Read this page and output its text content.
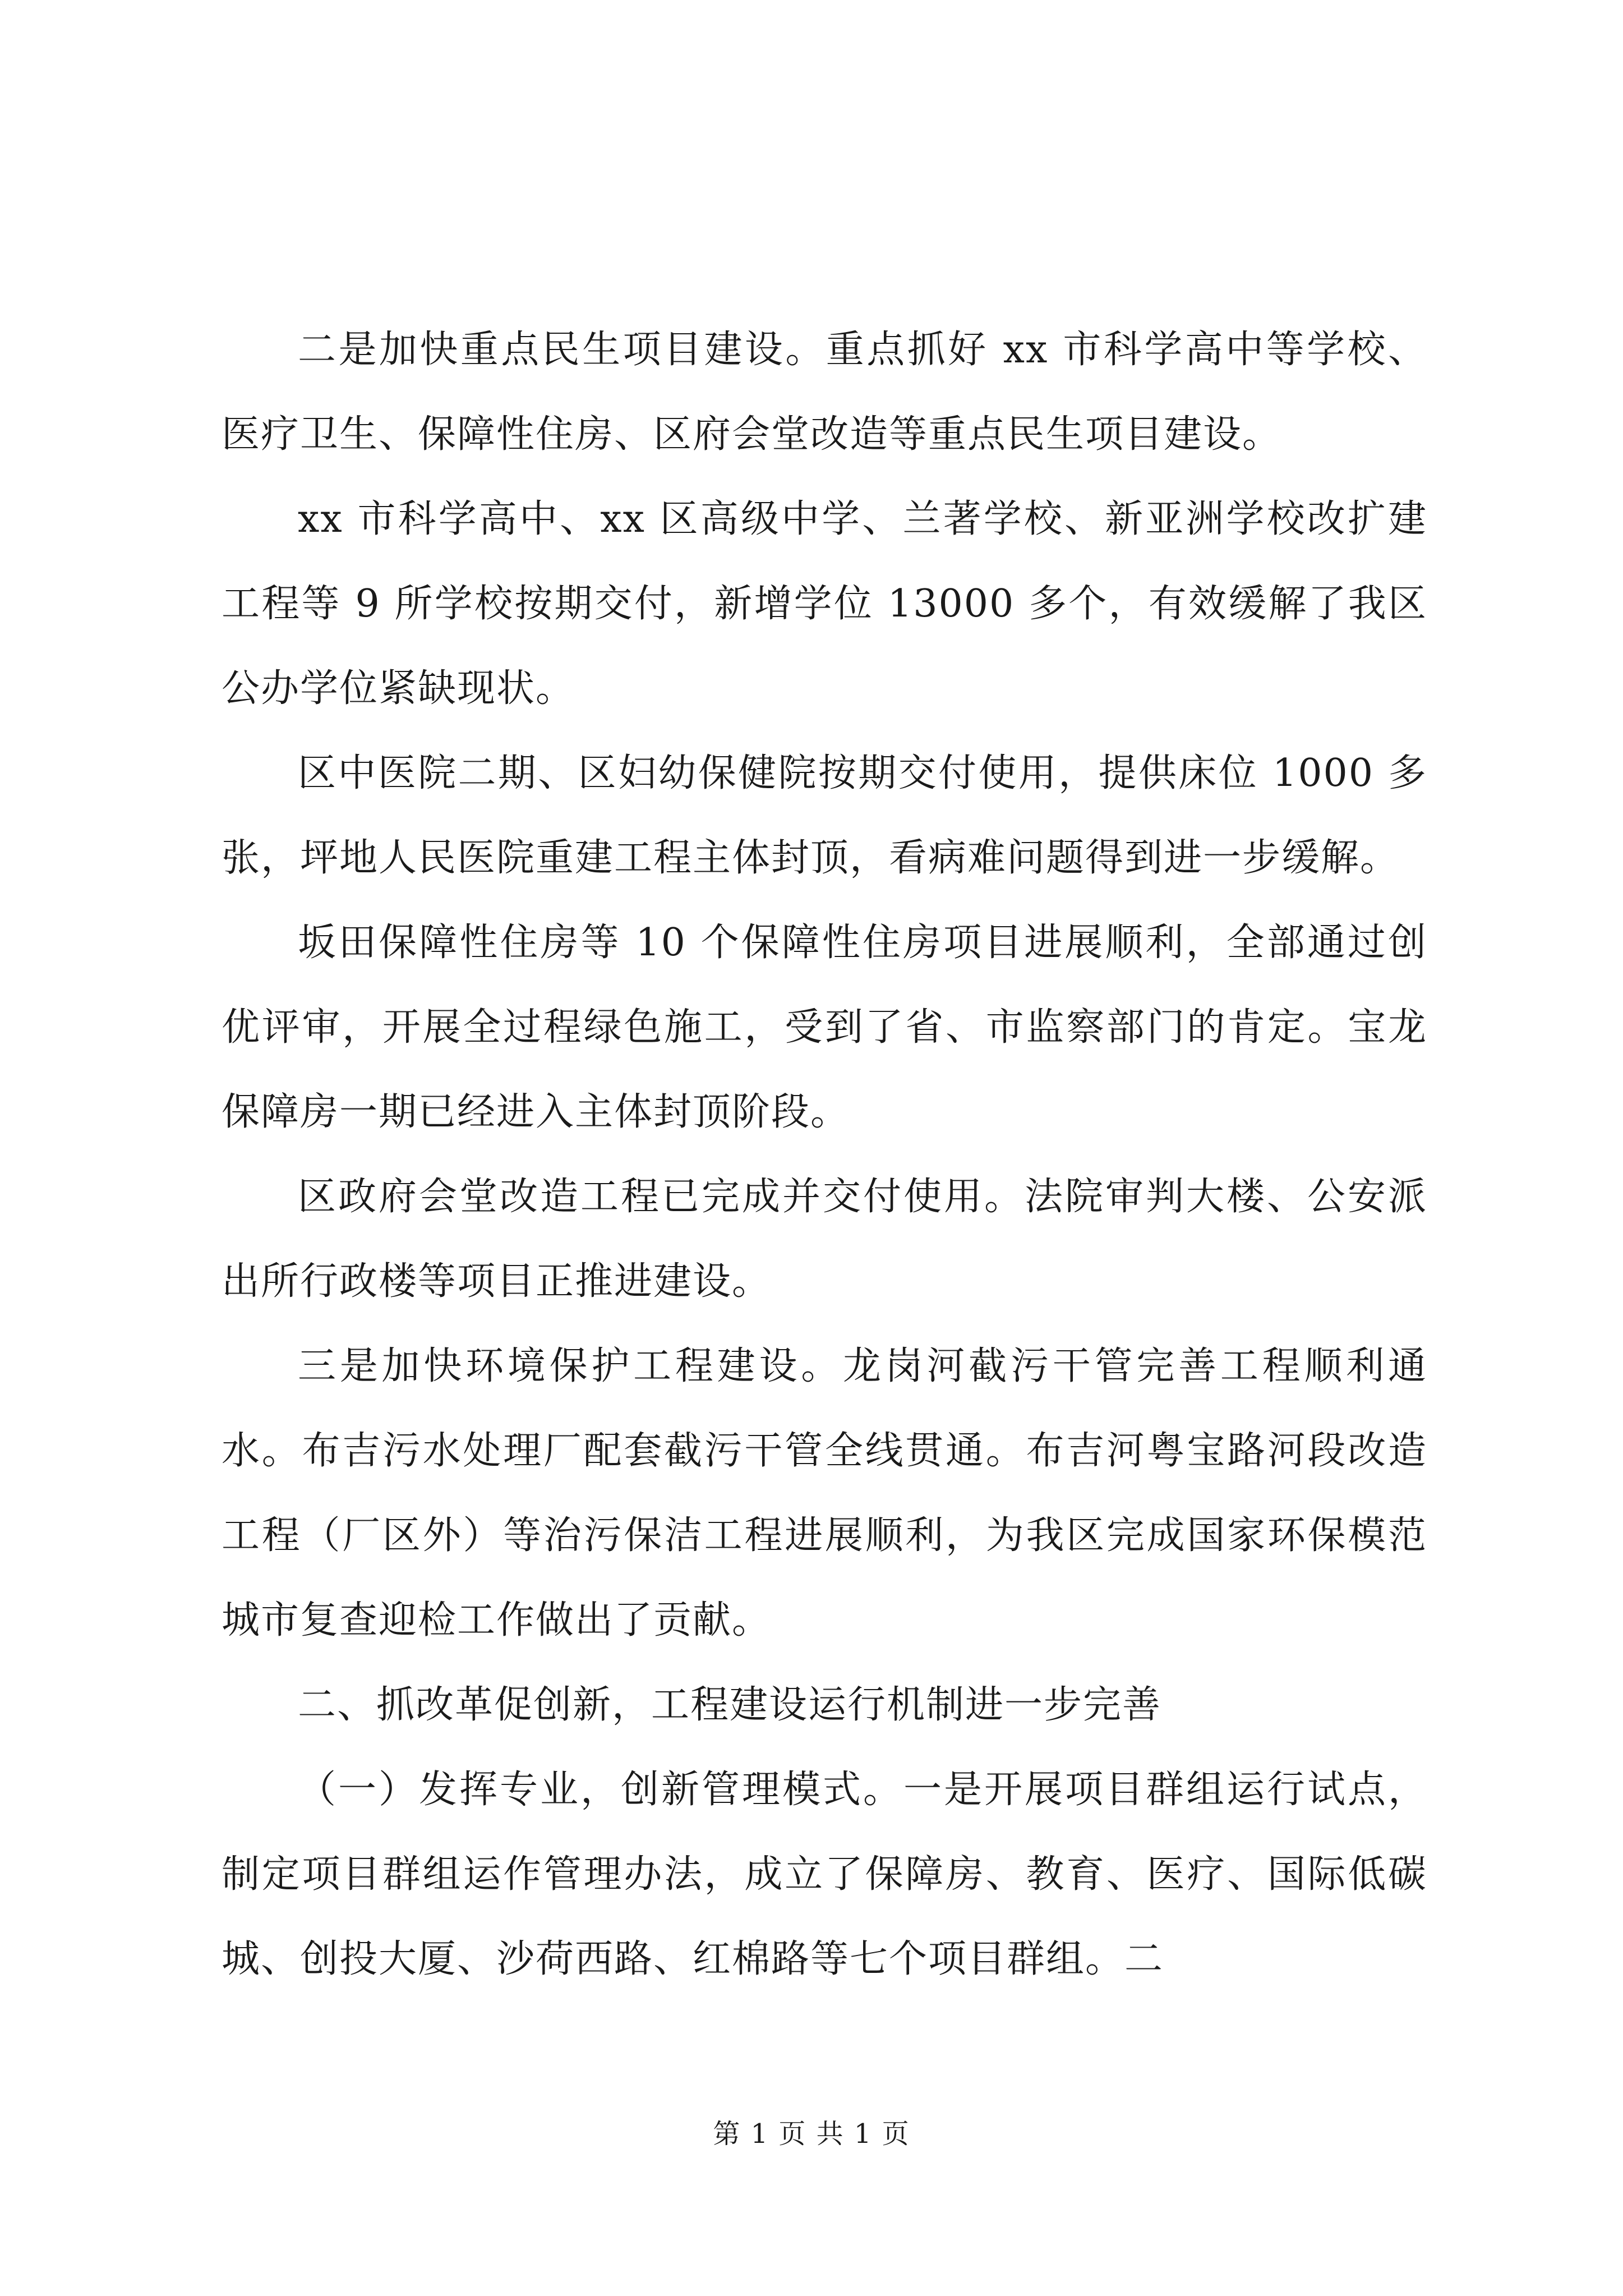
二是加快重点民生项目建设。重点抓好 xx 市科学高中等学校、医疗卫生、保障性住房、区府会堂改造等重点民生项目建设。

xx 市科学高中、xx 区高级中学、兰著学校、新亚洲学校改扩建工程等 9 所学校按期交付，新增学位 13000 多个，有效缓解了我区公办学位紧缺现状。

区中医院二期、区妇幼保健院按期交付使用，提供床位 1000 多张，坪地人民医院重建工程主体封顶，看病难问题得到进一步缓解。

坂田保障性住房等 10 个保障性住房项目进展顺利，全部通过创优评审，开展全过程绿色施工，受到了省、市监察部门的肯定。宝龙保障房一期已经进入主体封顶阶段。

区政府会堂改造工程已完成并交付使用。法院审判大楼、公安派出所行政楼等项目正推进建设。

三是加快环境保护工程建设。龙岗河截污干管完善工程顺利通水。布吉污水处理厂配套截污干管全线贯通。布吉河粤宝路河段改造工程（厂区外）等治污保洁工程进展顺利，为我区完成国家环保模范城市复查迎检工作做出了贡献。

二、抓改革促创新，工程建设运行机制进一步完善

（一）发挥专业，创新管理模式。一是开展项目群组运行试点，制定项目群组运作管理办法，成立了保障房、教育、医疗、国际低碳城、创投大厦、沙荷西路、红棉路等七个项目群组。二

第 1 页 共 1 页
